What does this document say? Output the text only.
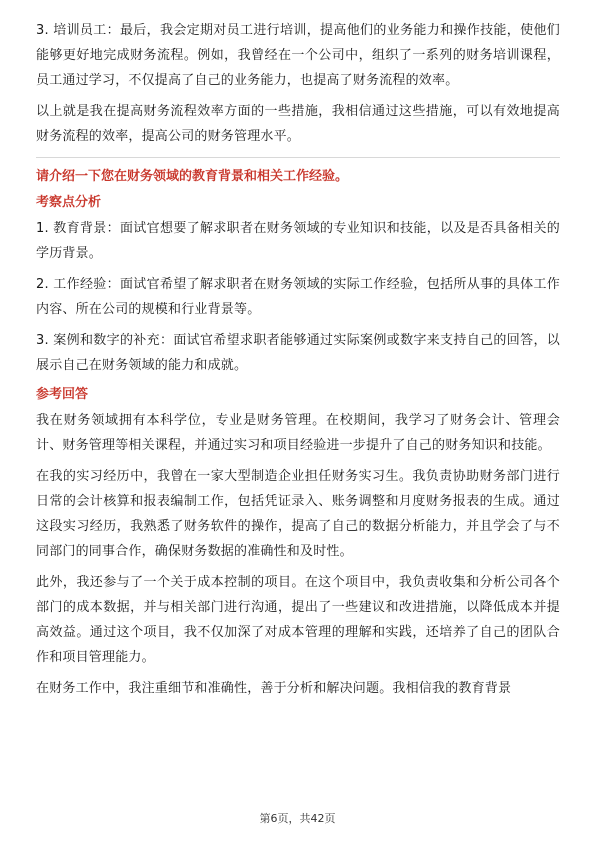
3. 培训员工：最后，我会定期对员工进行培训，提高他们的业务能力和操作技能，使他们能够更好地完成财务流程。例如，我曾经在一个公司中，组织了一系列的财务培训课程，员工通过学习，不仅提高了自己的业务能力，也提高了财务流程的效率。

以上就是我在提高财务流程效率方面的一些措施，我相信通过这些措施，可以有效地提高财务流程的效率，提高公司的财务管理水平。

请介绍一下您在财务领域的教育背景和相关工作经验。
考察点分析

1. 教育背景：面试官想要了解求职者在财务领域的专业知识和技能，以及是否具备相关的学历背景。

2. 工作经验：面试官希望了解求职者在财务领域的实际工作经验，包括所从事的具体工作内容、所在公司的规模和行业背景等。

3. 案例和数字的补充：面试官希望求职者能够通过实际案例或数字来支持自己的回答，以展示自己在财务领域的能力和成就。

参考回答

我在财务领域拥有本科学位，专业是财务管理。在校期间，我学习了财务会计、管理会计、财务管理等相关课程，并通过实习和项目经验进一步提升了自己的财务知识和技能。

在我的实习经历中，我曾在一家大型制造企业担任财务实习生。我负责协助财务部门进行日常的会计核算和报表编制工作，包括凭证录入、账务调整和月度财务报表的生成。通过这段实习经历，我熟悉了财务软件的操作，提高了自己的数据分析能力，并且学会了与不同部门的同事合作，确保财务数据的准确性和及时性。

此外，我还参与了一个关于成本控制的项目。在这个项目中，我负责收集和分析公司各个部门的成本数据，并与相关部门进行沟通，提出了一些建议和改进措施，以降低成本并提高效益。通过这个项目，我不仅加深了对成本管理的理解和实践，还培养了自己的团队合作和项目管理能力。

在财务工作中，我注重细节和准确性，善于分析和解决问题。我相信我的教育背景

第6页，共42页
